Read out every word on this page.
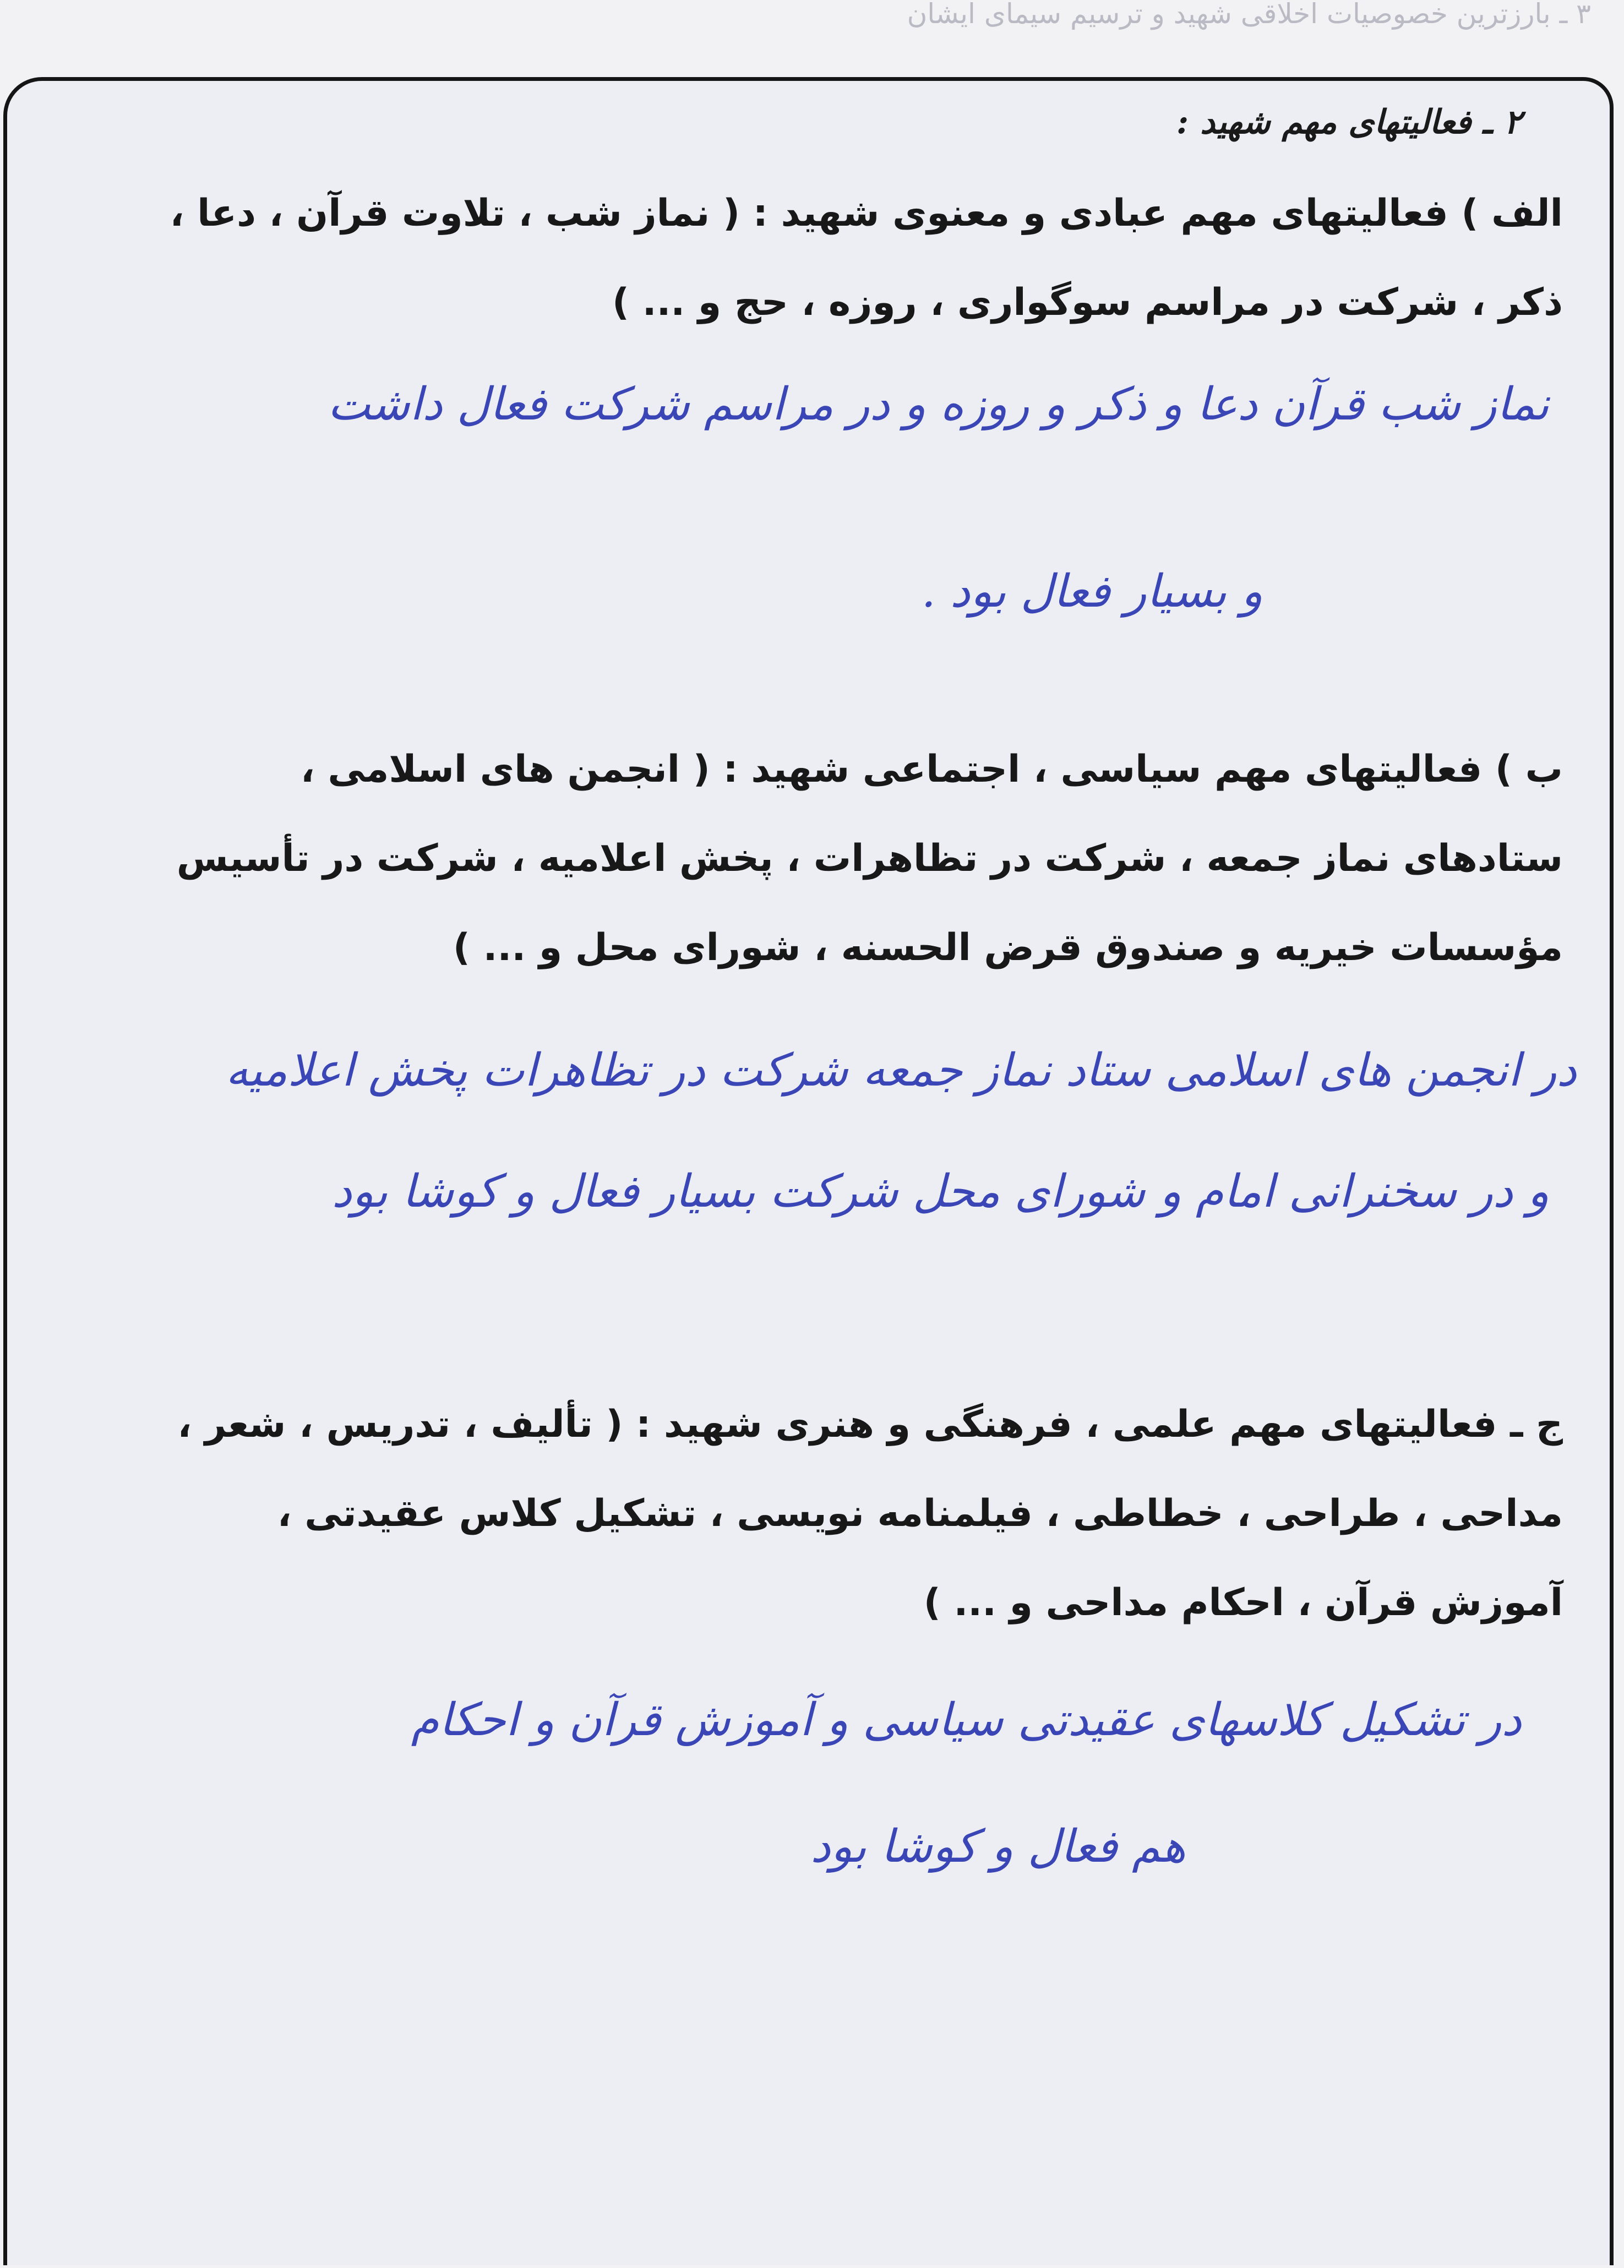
۳ ـ بارزترین خصوصیات اخلاقی شهید و ترسیم سیمای ایشان
۲ ـ فعالیتهای مهم شهید :
الف ) فعالیتهای مهم عبادی و معنوی شهید : ( نماز شب ، تلاوت قرآن ، دعا ،
ذکر ، شرکت در مراسم سوگواری ، روزه ، حج و ... )
نماز شب قرآن دعا و ذکر و روزه و در مراسم شرکت فعال داشت
و بسیار فعال بود .
ب ) فعالیتهای مهم سیاسی ، اجتماعی شهید : ( انجمن های اسلامی ،
ستادهای نماز جمعه ، شرکت در تظاهرات ، پخش اعلامیه ، شرکت در تأسیس
مؤسسات خیریه و صندوق قرض الحسنه ، شورای محل و ... )
در انجمن های اسلامی ستاد نماز جمعه شرکت در تظاهرات پخش اعلامیه
و در سخنرانی امام و شورای محل شرکت بسیار فعال و کوشا بود
ج ـ فعالیتهای مهم علمی ، فرهنگی و هنری شهید : ( تألیف ، تدریس ، شعر ،
مداحی ، طراحی ، خطاطی ، فیلمنامه نویسی ، تشکیل کلاس عقیدتی ،
آموزش قرآن ، احکام مداحی و ... )
در تشکیل کلاسهای عقیدتی سیاسی و آموزش قرآن و احکام
هم فعال و کوشا بود
